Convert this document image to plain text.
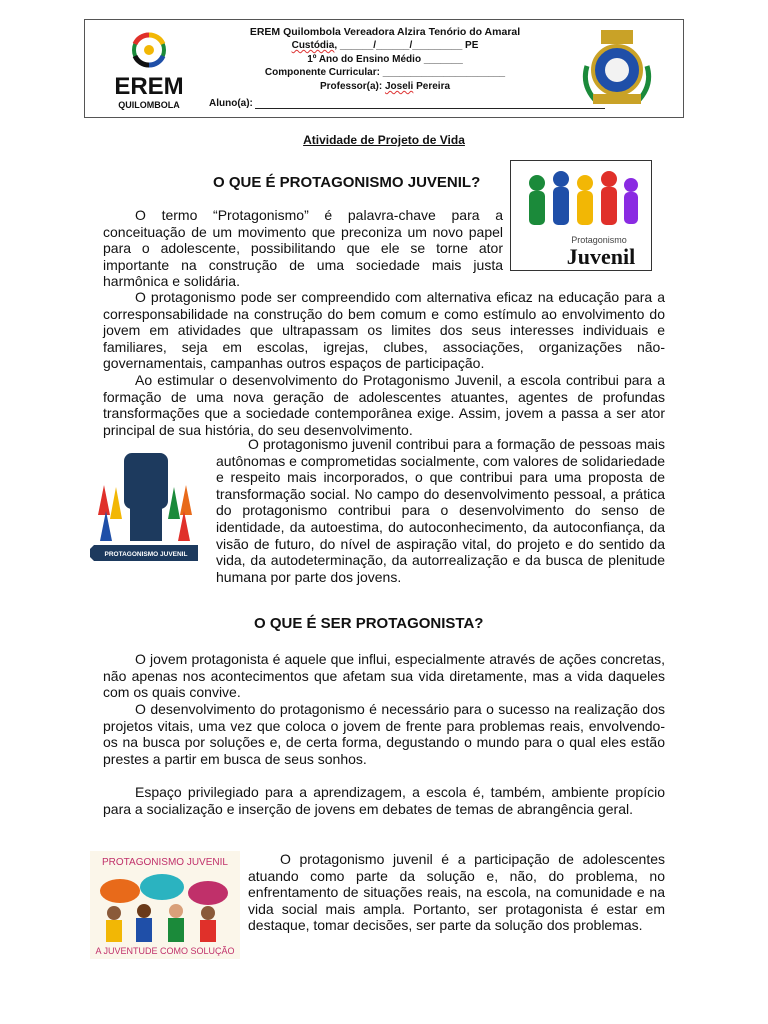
EREM
QUILOMBOLA
EREM Quilombola Vereadora Alzira Tenório do Amaral
Custódia, ______/______/_________ PE
1º Ano do Ensino Médio _______
Componente Curricular: ______________________
Professor(a): Joseli Pereira
Aluno(a):
Atividade de Projeto de Vida
O QUE É PROTAGONISMO JUVENIL?
Protagonismo
Juvenil

O termo “Protagonismo” é palavra-chave para a conceituação de um movimento que preconiza um novo papel para o adolescente, possibilitando que ele se torne ator importante na construção de uma sociedade mais justa harmônica e solidária.

O protagonismo pode ser compreendido com alternativa eficaz na educação para a corresponsabilidade na construção do bem comum e como estímulo ao envolvimento do jovem em atividades que ultrapassam os limites dos seus interesses individuais e familiares, seja em escolas, igrejas, clubes, associações, organizações não-governamentais, campanhas outros espaços de participação.

Ao estimular o desenvolvimento do Protagonismo Juvenil, a escola contribui para a formação de uma nova geração de adolescentes atuantes, agentes de profundas transformações que a sociedade contemporânea exige. Assim, jovem a passa a ser ator principal de sua história, do seu desenvolvimento.

PROTAGONISMO JUVENIL

O protagonismo juvenil contribui para a formação de pessoas mais autônomas e comprometidas socialmente, com valores de solidariedade e respeito mais incorporados, o que contribui para uma proposta de transformação social. No campo do desenvolvimento pessoal, a prática do protagonismo contribui para o desenvolvimento do senso de identidade, da autoestima, do autoconhecimento, da autoconfiança, da visão de futuro, do nível de aspiração vital, do projeto e do sentido da vida, da autodeterminação, da autorrealização e da busca de plenitude humana por parte dos jovens.

O QUE É SER PROTAGONISTA?

O jovem protagonista é aquele que influi, especialmente através de ações concretas, não apenas nos acontecimentos que afetam sua vida diretamente, mas a vida daqueles com os quais convive.

O desenvolvimento do protagonismo é necessário para o sucesso na realização dos projetos vitais, uma vez que coloca o jovem de frente para problemas reais, envolvendo-os na busca por soluções e, de certa forma, degustando o mundo para o qual eles estão prestes a partir em busca de seus sonhos.

Espaço privilegiado para a aprendizagem, a escola é, também, ambiente propício para a socialização e inserção de jovens em debates de temas de abrangência geral.

PROTAGONISMO JUVENIL
A JUVENTUDE COMO SOLUÇÃO

O protagonismo juvenil é a participação de adolescentes atuando como parte da solução e, não, do problema, no enfrentamento de situações reais, na escola, na comunidade e na vida social mais ampla. Portanto, ser protagonista é estar em destaque, tomar decisões, ser parte da solução dos problemas.
